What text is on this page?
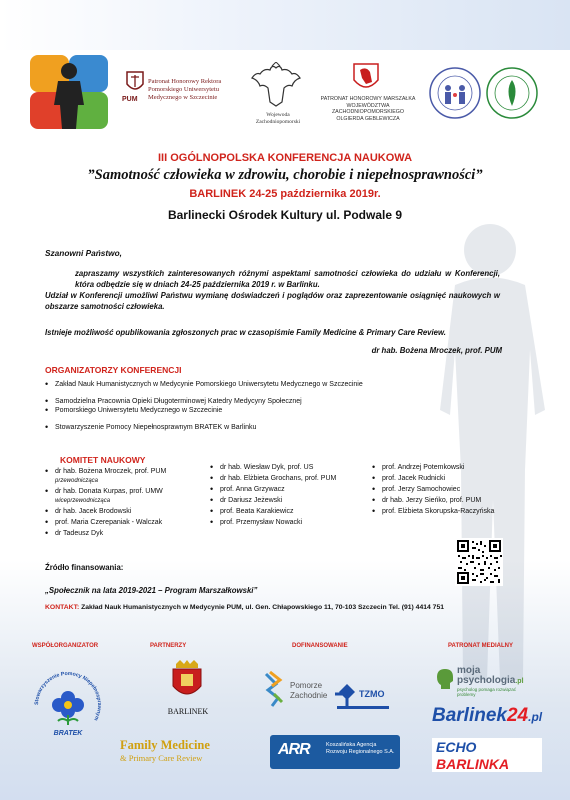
PUM
Patronat Honorowy Rektora Pomorskiego Uniwersytetu Medycznego w Szczecinie
Wojewoda Zachodniopomorski
PATRONAT HONOROWY MARSZAŁKA WOJEWÓDZTWA ZACHODNIOPOMORSKIEGO OLGIERDA GEBLEWICZA
III OGÓLNOPOLSKA KONFERENCJA NAUKOWA
”Samotność człowieka w zdrowiu, chorobie i niepełnosprawności”
BARLINEK 24-25 października 2019r.
Barlinecki Ośrodek Kultury ul. Podwale 9
Szanowni Państwo,
zapraszamy wszystkich zainteresowanych różnymi aspektami samotności człowieka do udziału w Konferencji, która odbędzie się w dniach 24-25 października 2019 r. w Barlinku.
Udział w Konferencji umożliwi Państwu wymianę doświadczeń i poglądów oraz zaprezentowanie osiągnięć naukowych w obszarze samotności człowieka.
Istnieje możliwość opublikowania zgłoszonych prac w czasopiśmie Family Medicine & Primary Care Review.
dr hab. Bożena Mroczek, prof. PUM
ORGANIZATORZY KONFERENCJI
• Zakład Nauk Humanistycznych w Medycynie Pomorskiego Uniwersytetu Medycznego w Szczecinie
• Samodzielna Pracownia Opieki Długoterminowej Katedry Medycyny Społecznej
• Pomorskiego Uniwersytetu Medycznego w Szczecinie
• Stowarzyszenie Pomocy Niepełnosprawnym BRATEK w Barlinku
KOMITET NAUKOWY
• dr hab. Bożena Mroczek, prof. PUM
przewodnicząca
• dr hab. Donata Kurpas, prof. UMW
wiceprzewodnicząca
• dr hab. Jacek Brodowski
• prof. Maria Czerepaniak - Walczak
• dr Tadeusz Dyk
• dr hab. Wiesław Dyk, prof. US
• dr hab. Elżbieta Grochans, prof. PUM
• prof. Anna Grzywacz
• dr Dariusz Jeżewski
• prof. Beata Karakiewicz
• prof. Przemysław Nowacki
• prof. Andrzej Potemkowski
• prof. Jacek Rudnicki
• prof. Jerzy Samochowiec
• dr hab. Jerzy Sieńko, prof. PUM
• prof. Elżbieta Skorupska-Raczyńska
Źródło finansowania:
„Społecznik na lata 2019-2021 – Program Marszałkowski”
KONTAKT: Zakład Nauk Humanistycznych w Medycynie PUM, ul. Gen. Chłapowskiego 11, 70-103 Szczecin Tel. (91) 4414 751
WSPÓŁORGANIZATOR	PARTNERZY	DOFINANSOWANIE	PATRONAT MEDIALNY
Stowarzyszenie Pomocy Niepełnosprawnym
BRATEK
BARLINEK
Family Medicine
& Primary Care Review
Pomorze
Zachodnie	TZMO
ARR	Koszalińska Agencja Rozwoju Regionalnego S.A.
moja
psychologia.pl
psycholog pomaga rozwiązać problemy
Barlinek24.pl
ECHO
BARLINKA
